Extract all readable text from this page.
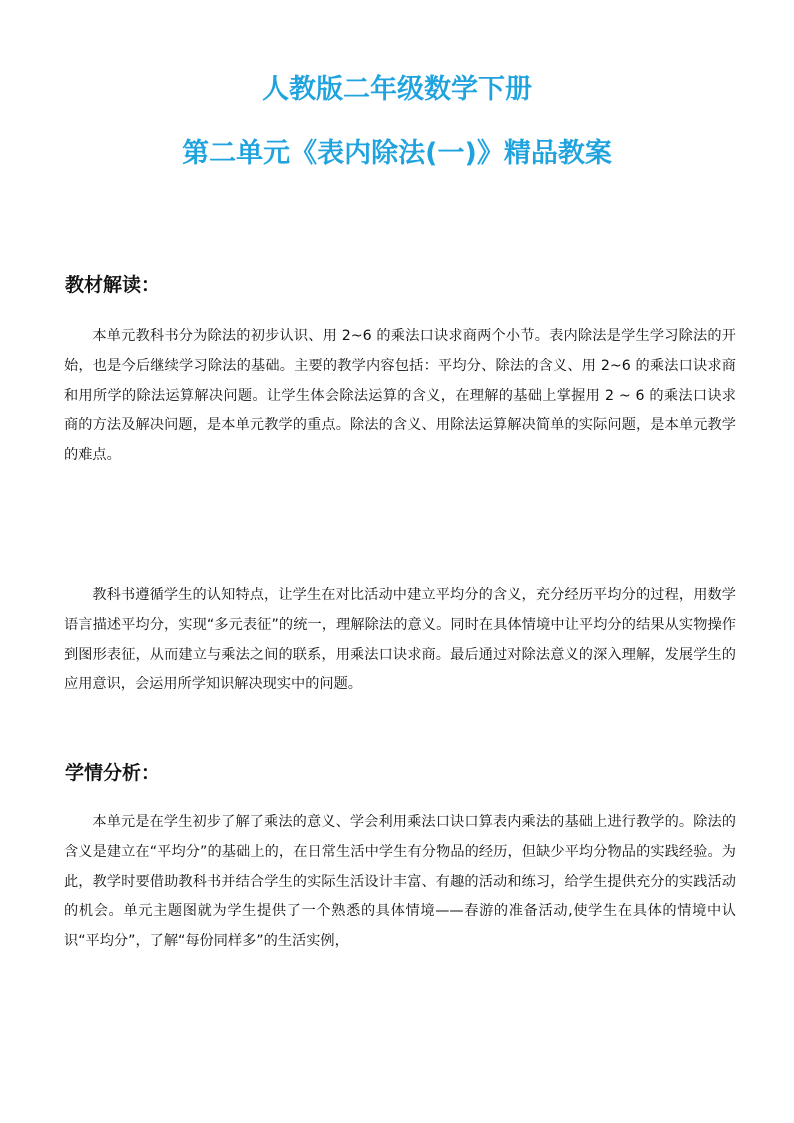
人教版二年级数学下册
第二单元《表内除法(一)》精品教案
教材解读：

本单元教科书分为除法的初步认识、用 2~6 的乘法口诀求商两个小节。表内除法是学生学习除法的开始，也是今后继续学习除法的基础。主要的教学内容包括：平均分、除法的含义、用 2~6 的乘法口诀求商和用所学的除法运算解决问题。让学生体会除法运算的含义，在理解的基础上掌握用 2 ~ 6 的乘法口诀求商的方法及解决问题，是本单元教学的重点。除法的含义、用除法运算解决简单的实际问题，是本单元教学的难点。

教科书遵循学生的认知特点，让学生在对比活动中建立平均分的含义，充分经历平均分的过程，用数学语言描述平均分，实现“多元表征”的统一，理解除法的意义。同时在具体情境中让平均分的结果从实物操作到图形表征，从而建立与乘法之间的联系，用乘法口诀求商。最后通过对除法意义的深入理解，发展学生的应用意识，会运用所学知识解决现实中的问题。

学情分析：

本单元是在学生初步了解了乘法的意义、学会利用乘法口诀口算表内乘法的基础上进行教学的。除法的含义是建立在“平均分”的基础上的，在日常生活中学生有分物品的经历，但缺少平均分物品的实践经验。为此，教学时要借助教科书并结合学生的实际生活设计丰富、有趣的活动和练习，给学生提供充分的实践活动的机会。单元主题图就为学生提供了一个熟悉的具体情境——春游的准备活动,使学生在具体的情境中认识“平均分”，了解“每份同样多”的生活实例，
